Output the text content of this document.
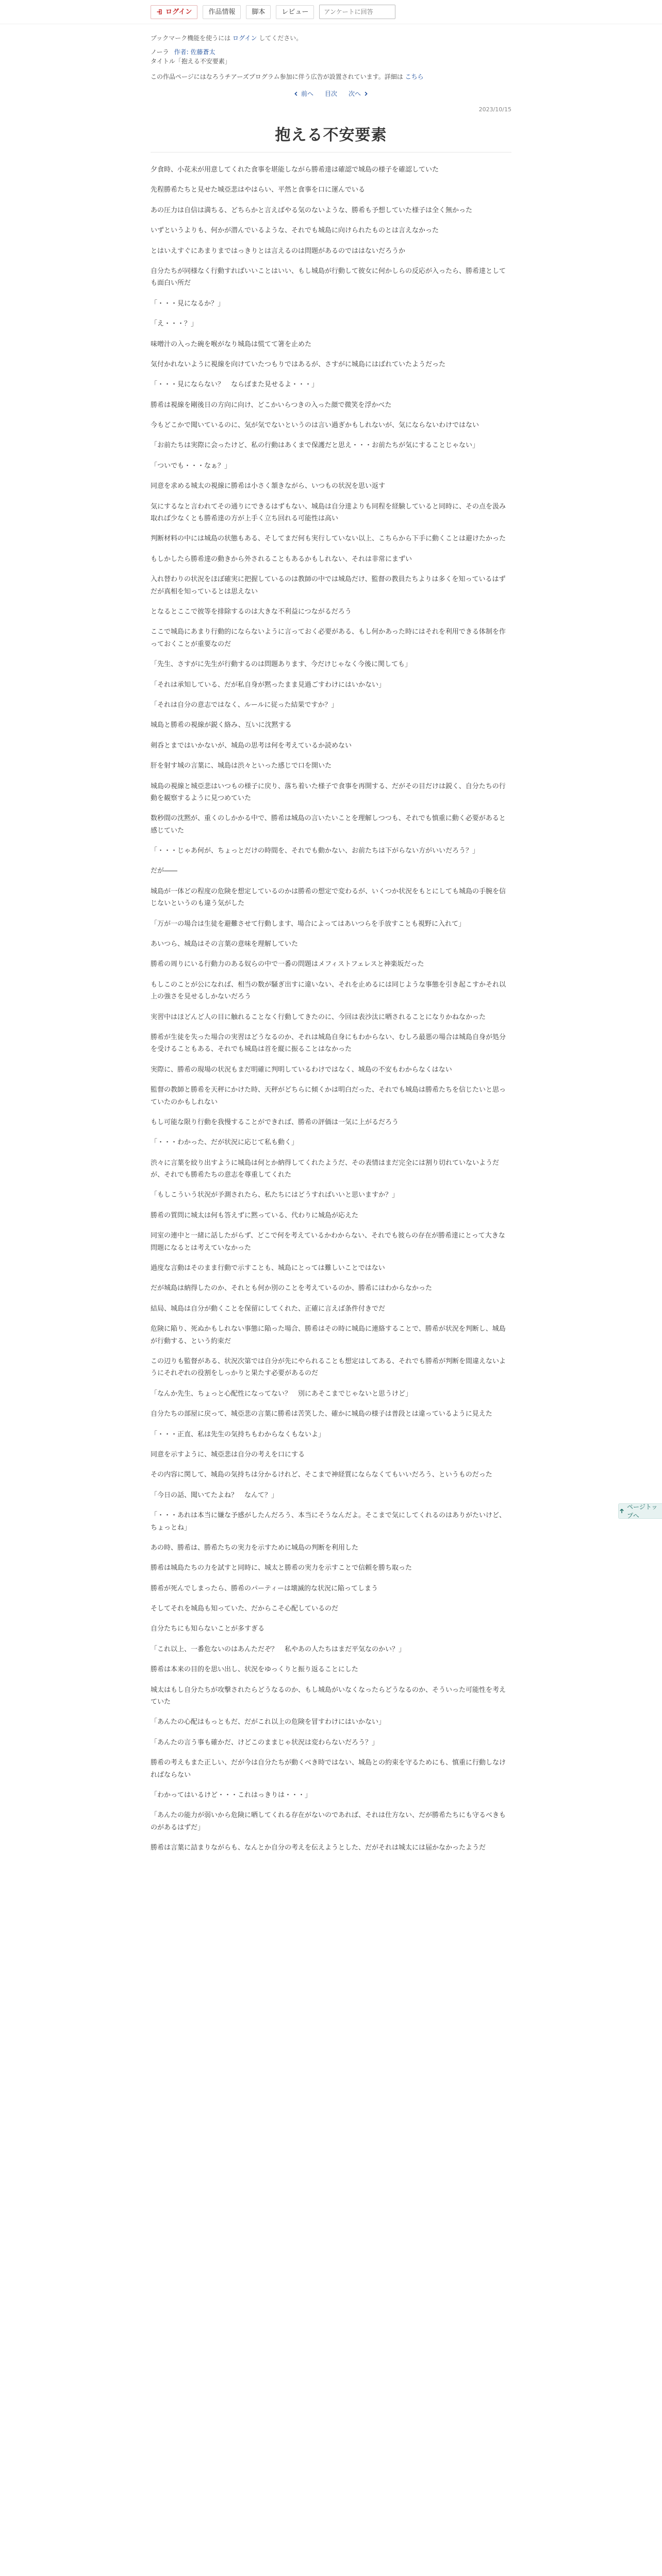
ログイン 作品情報 脚本 レビュー
アンケートに回答
ブックマーク機能を使うには ログイン してください。
ノーラ 作者: 佐藤蒼太
タイトル「抱える不安要素」
この作品ページにはなろうチアーズプログラム参加に伴う広告が設置されています。詳細は こちら
前へ 目次 次へ
2023/10/15
抱える不安要素

夕食時、小花未が用意してくれた食事を堪能しながら勝希達は確認で城島の様子を確認していた

先程勝希たちと見せた城亞悲はやはらい、平然と食事を口に運んでいる

あの圧力は自信は満ちる、どちらかと言えばやる気のないような、勝希も予想していた様子は全く無かった

いずというよりも、何かが潜んでいるような、それでも城島に向けられたものとは言えなかった

とはいえすぐにあまりまではっきりとは言えるのは問題があるのでははないだろうか

自分たちが同様なく行動すればいいことはいい、もし城島が行動して彼女に何かしらの反応が入ったら、勝希達としても面白い所だ

「・・・見になるか？」

「え・・・？」

味噌汁の入った碗を喉がなり城島は慌てて箸を止めた

気付かれないように視線を向けていたつもりではあるが、さすがに城島にはばれていたようだった

「・・・見にならない？　ならばまた見せるよ・・・」

勝希は視線を剛後日の方向に向け、どこかいらつきの入った顔で微笑を浮かべた

今もどこかで聞いているのに、気が気でないというのは言い過ぎかもしれないが、気にならないわけではない

「お前たちは実際に会ったけど、私の行動はあくまで保護だと思え・・・お前たちが気にすることじゃない」

「ついでも・・・なぁ？」

同意を求める城太の視線に勝希は小さく頷きながら、いつもの状況を思い返す

気にするなと言われてその通りにできるはずもない、城島は自分達よりも同程を経験していると同時に、その点を汲み取れば少なくとも勝希達の方が上手く立ち回れる可能性は高い

判断材料の中には城島の状態もある、そしてまだ何も実行していない以上、こちらから下手に動くことは避けたかった

もしかしたら勝希達の動きから外されることもあるかもしれない、それは非常にまずい

入れ替わりの状況をほぼ確実に把握しているのは教師の中では城島だけ、監督の教員たちよりは多くを知っているはずだが真相を知っているとは思えない

となるとここで彼等を排除するのは大きな不利益につながるだろう

ここで城島にあまり行動的にならないように言っておく必要がある、もし何かあった時にはそれを利用できる体制を作っておくことが重要なのだ

「先生、さすがに先生が行動するのは問題あります、今だけじゃなく今後に関しても」

「それは承知している、だが私自身が黙ったまま見過ごすわけにはいかない」

「それは自分の意志ではなく、ルールに従った結果ですか？」

城島と勝希の視線が鋭く絡み、互いに沈黙する

剣呑とまではいかないが、城島の思考は何を考えているか読めない

肝を射す城の言葉に、城島は渋々といった感じで口を開いた

城島の視線と城亞悲はいつもの様子に戻り、落ち着いた様子で食事を再開する、だがその目だけは鋭く、自分たちの行動を観察するように見つめていた

数秒間の沈黙が、重くのしかかる中で、勝希は城島の言いたいことを理解しつつも、それでも慎重に動く必要があると感じていた

「・・・じゃあ何が、ちょっとだけの時間を、それでも動かない、お前たちは下がらない方がいいだろう？」

だが――

城島が一体どの程度の危険を想定しているのかは勝希の想定で変わるが、いくつか状況をもとにしても城島の手腕を信じないというのも違う気がした

「万が一の場合は生徒を避難させて行動します、場合によってはあいつらを手放すことも視野に入れて」

あいつら、城島はその言葉の意味を理解していた

勝希の周りにいる行動力のある奴らの中で一番の問題はメフィストフェレスと神楽坂だった

もしこのことが公になれば、相当の数が騒ぎ出すに違いない、それを止めるには同じような事態を引き起こすかそれ以上の強さを見せるしかないだろう

実習中はほどんど人の目に触れることなく行動してきたのに、今回は表沙汰に晒されることになりかねなかった

勝希が生徒を失った場合の実習はどうなるのか、それは城島自身にもわからない、むしろ最悪の場合は城島自身が処分を受けることもある、それでも城島は首を縦に振ることはなかった

実際に、勝希の現場の状況もまだ明確に判明しているわけではなく、城島の不安もわからなくはない

監督の教師と勝希を天秤にかけた時、天秤がどちらに傾くかは明白だった、それでも城島は勝希たちを信じたいと思っていたのかもしれない

もし可能な限り行動を我慢することができれば、勝希の評価は一気に上がるだろう

「・・・わかった、だが状況に応じて私も動く」

渋々に言葉を絞り出すように城島は何とか納得してくれたようだ、その表情はまだ完全には割り切れていないようだが、それでも勝希たちの意志を尊重してくれた

「もしこういう状況が予測されたら、私たちにはどうすればいいと思いますか？」

勝希の質問に城太は何も答えずに黙っている、代わりに城島が応えた

同室の連中と一緒に話したがらず、どこで何を考えているかわからない、それでも彼らの存在が勝希達にとって大きな問題になるとは考えていなかった

過度な言動はそのまま行動で示すことも、城島にとっては難しいことではない

だが城島は納得したのか、それとも何か別のことを考えているのか、勝希にはわからなかった

結局、城島は自分が動くことを保留にしてくれた、正確に言えば条件付きでだ

危険に陥り、死ぬかもしれない事態に陥った場合、勝希はその時に城島に連絡することで、勝希が状況を判断し、城島が行動する、という約束だ

この辺りも監督がある、状況次第では自分が先にやられることも想定はしてある、それでも勝希が判断を間違えないようにそれぞれの役割をしっかりと果たす必要があるのだ

「なんか先生、ちょっと心配性になってない？　別にあそこまでじゃないと思うけど」

自分たちの部屋に戻って、城亞悲の言葉に勝希は苦笑した、確かに城島の様子は普段とは違っているように見えた

「・・・正直、私は先生の気持ちもわからなくもないよ」

同意を示すように、城亞悲は自分の考えを口にする

その内容に関して、城島の気持ちは分かるけれど、そこまで神経質にならなくてもいいだろう、というものだった

「今日の話、聞いてたよね？　なんて？」

「・・・あれは本当に嫌な予感がしたんだろう、本当にそうなんだよ。そこまで気にしてくれるのはありがたいけど、ちょっとね」

あの時、勝希は、勝希たちの実力を示すために城島の判断を利用した

勝希は城島たちの力を試すと同時に、城太と勝希の実力を示すことで信頼を勝ち取った

勝希が死んでしまったら、勝希のパーティーは壊滅的な状況に陥ってしまう

そしてそれを城島も知っていた、だからこそ心配しているのだ

自分たちにも知らないことが多すぎる

「これ以上、一番危ないのはあんただぞ？　私やあの人たちはまだ平気なのかい？」

勝希は本来の目的を思い出し、状況をゆっくりと振り返ることにした

城太はもし自分たちが攻撃されたらどうなるのか、もし城島がいなくなったらどうなるのか、そういった可能性を考えていた

「あんたの心配はもっともだ、だがこれ以上の危険を冒すわけにはいかない」

「あんたの言う事も確かだ、けどこのままじゃ状況は変わらないだろう？」

勝希の考えもまた正しい、だが今は自分たちが動くべき時ではない、城島との約束を守るためにも、慎重に行動しなければならない

「わかってはいるけど・・・これはっきりは・・・」

「あんたの能力が弱いから危険に晒してくれる存在がないのであれば、それは仕方ない、だが勝希たちにも守るべきものがあるはずだ」

勝希は言葉に詰まりながらも、なんとか自分の考えを伝えようとした、だがそれは城太には届かなかったようだ

ページトップへ
